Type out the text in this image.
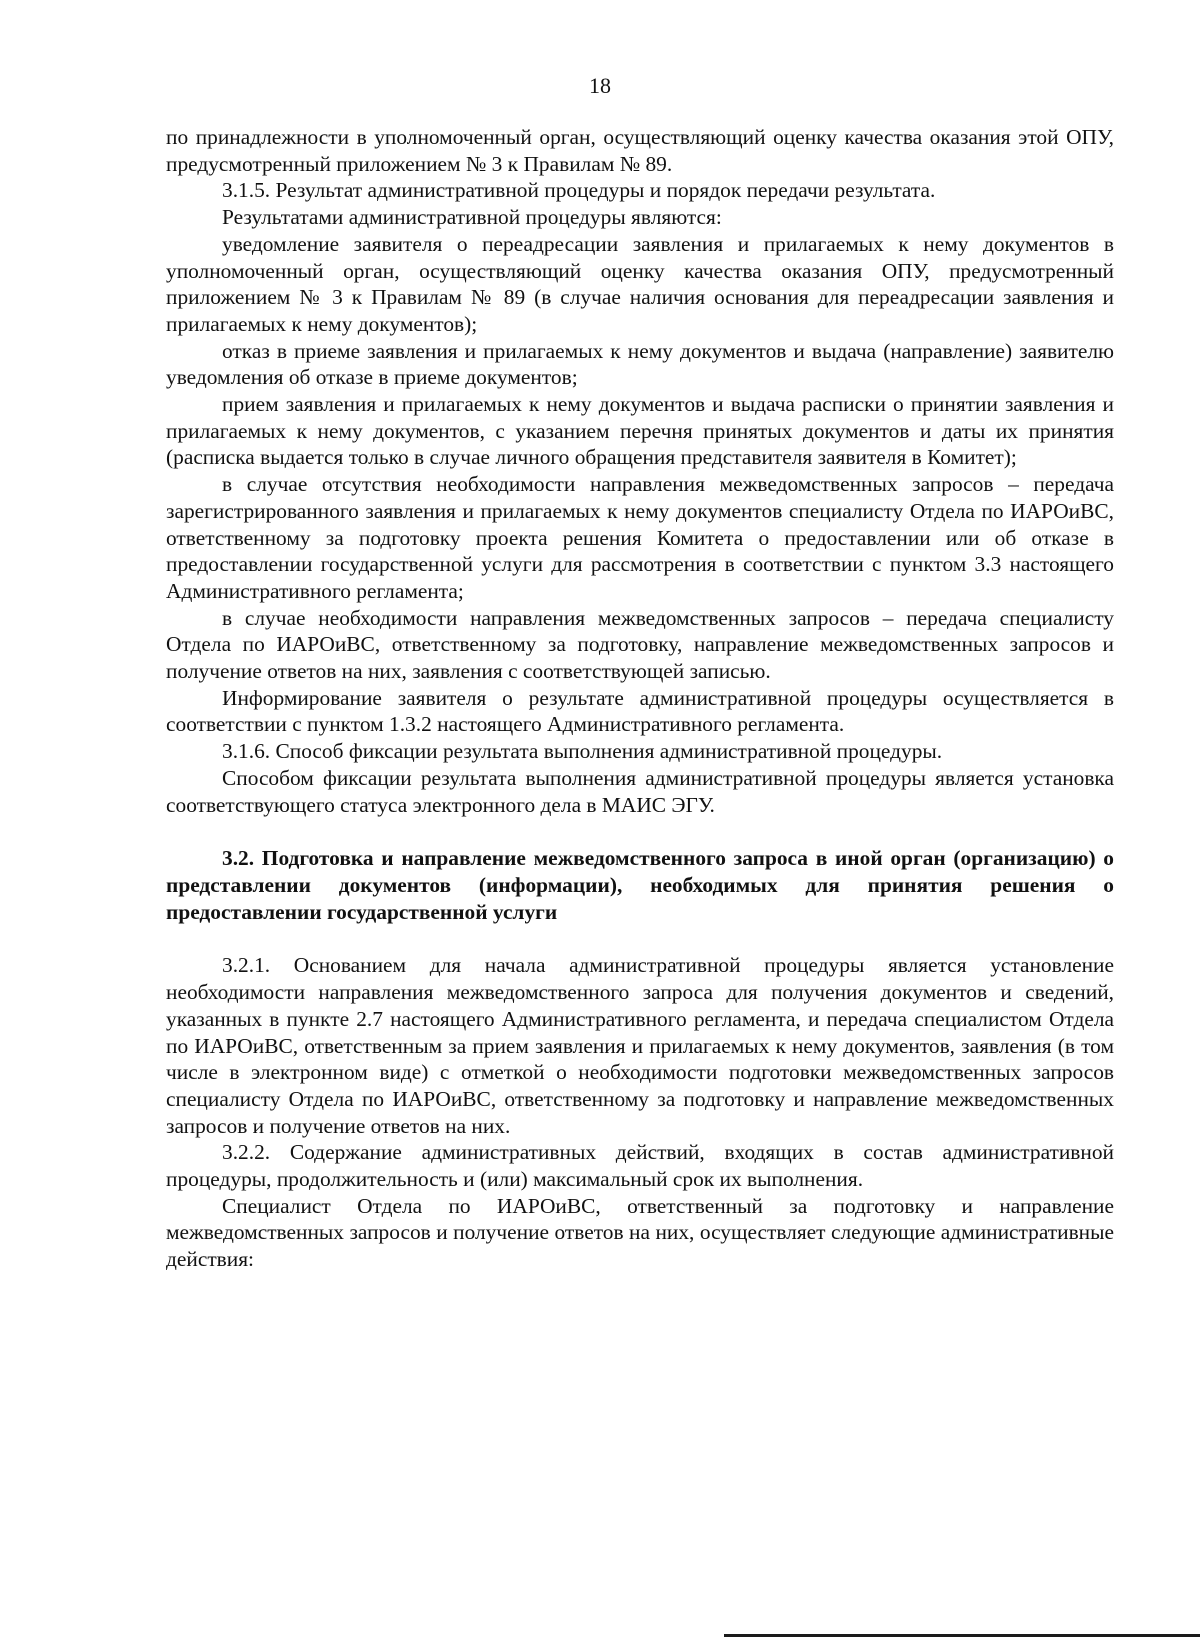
18

по принадлежности в уполномоченный орган, осуществляющий оценку качества оказания этой ОПУ, предусмотренный приложением № 3 к Правилам № 89.

3.1.5. Результат административной процедуры и порядок передачи результата.

Результатами административной процедуры являются:

уведомление заявителя о переадресации заявления и прилагаемых к нему документов в уполномоченный орган, осуществляющий оценку качества оказания ОПУ, предусмотренный приложением № 3 к Правилам № 89 (в случае наличия основания для переадресации заявления и прилагаемых к нему документов);

отказ в приеме заявления и прилагаемых к нему документов и выдача (направление) заявителю уведомления об отказе в приеме документов;

прием заявления и прилагаемых к нему документов и выдача расписки о принятии заявления и прилагаемых к нему документов, с указанием перечня принятых документов и даты их принятия (расписка выдается только в случае личного обращения представителя заявителя в Комитет);

в случае отсутствия необходимости направления межведомственных запросов – передача зарегистрированного заявления и прилагаемых к нему документов специалисту Отдела по ИАРОиВС, ответственному за подготовку проекта решения Комитета о предоставлении или об отказе в предоставлении государственной услуги для рассмотрения в соответствии с пунктом 3.3 настоящего Административного регламента;

в случае необходимости направления межведомственных запросов – передача специалисту Отдела по ИАРОиВС, ответственному за подготовку, направление межведомственных запросов и получение ответов на них, заявления с соответствующей записью.

Информирование заявителя о результате административной процедуры осуществляется в соответствии с пунктом 1.3.2 настоящего Административного регламента.

3.1.6. Способ фиксации результата выполнения административной процедуры.

Способом фиксации результата выполнения административной процедуры является установка соответствующего статуса электронного дела в МАИС ЭГУ.

3.2. Подготовка и направление межведомственного запроса в иной орган (организацию) о представлении документов (информации), необходимых для принятия решения о предоставлении государственной услуги

3.2.1. Основанием для начала административной процедуры является установление необходимости направления межведомственного запроса для получения документов и сведений, указанных в пункте 2.7 настоящего Административного регламента, и передача специалистом Отдела по ИАРОиВС, ответственным за прием заявления и прилагаемых к нему документов, заявления (в том числе в электронном виде) с отметкой о необходимости подготовки межведомственных запросов специалисту Отдела по ИАРОиВС, ответственному за подготовку и направление межведомственных запросов и получение ответов на них.

3.2.2. Содержание административных действий, входящих в состав административной процедуры, продолжительность и (или) максимальный срок их выполнения.

Специалист Отдела по ИАРОиВС, ответственный за подготовку и направление межведомственных запросов и получение ответов на них, осуществляет следующие административные действия:
